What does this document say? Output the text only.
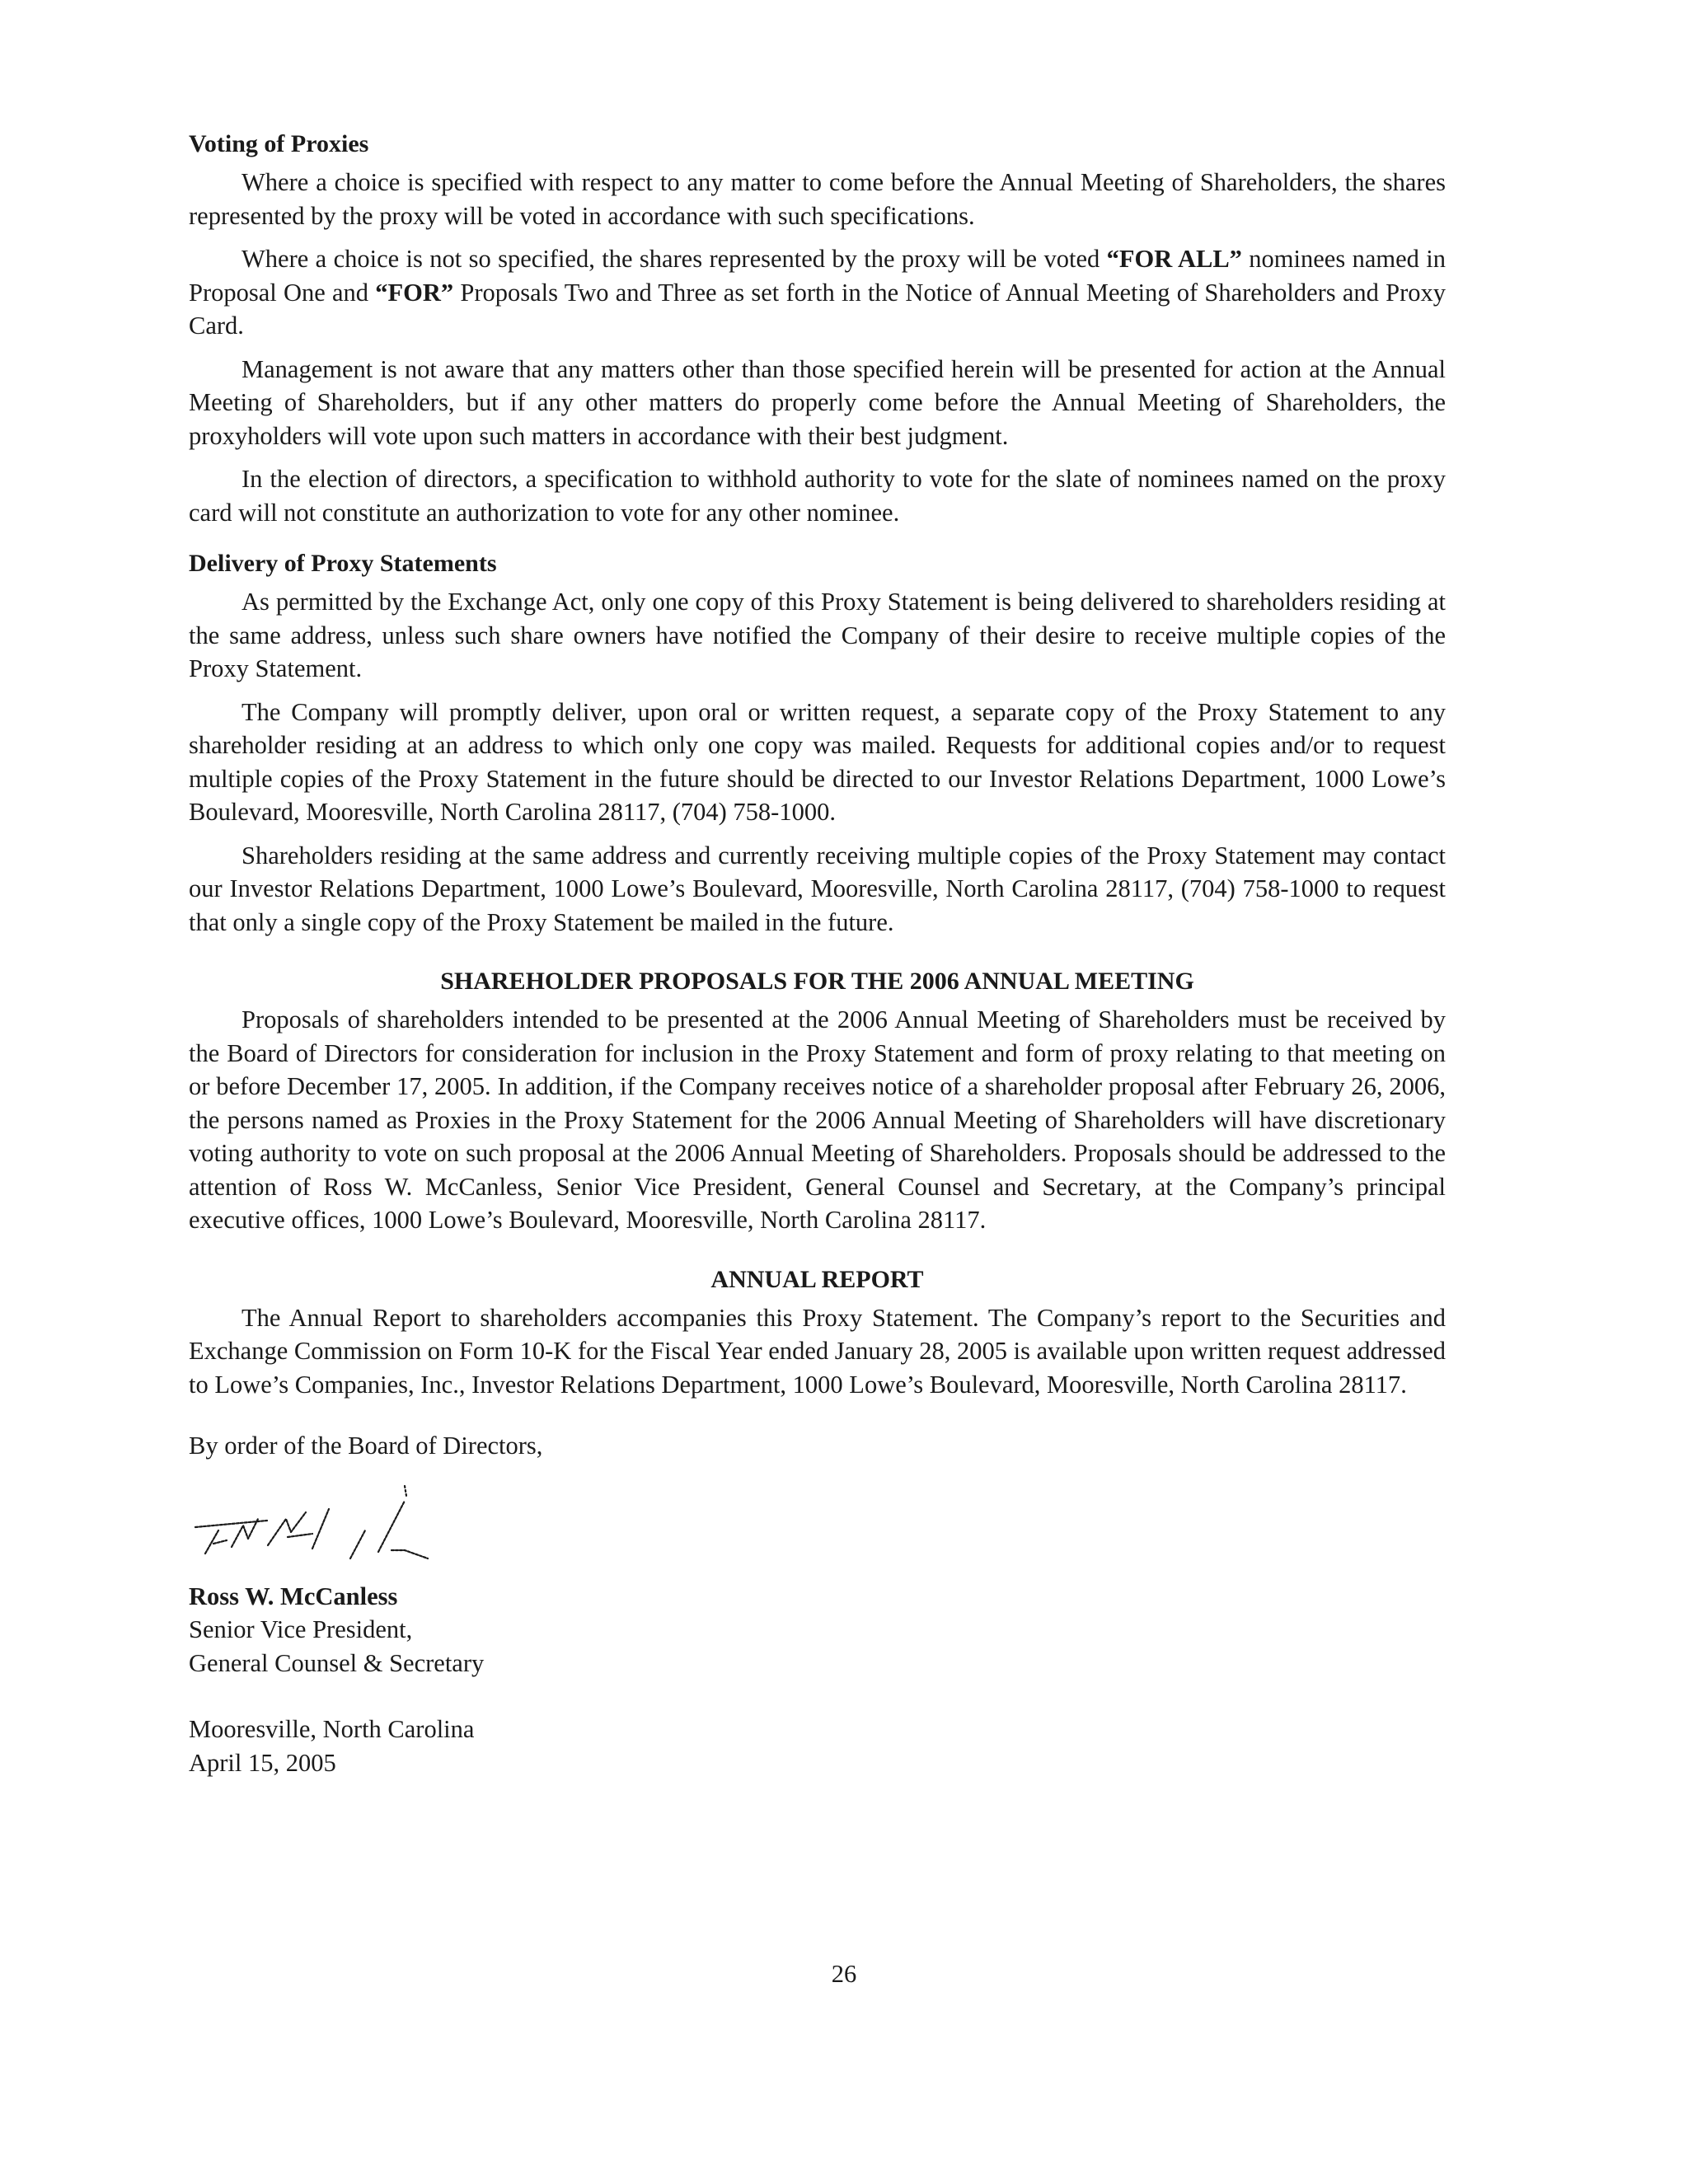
Voting of Proxies

Where a choice is specified with respect to any matter to come before the Annual Meeting of Shareholders, the shares represented by the proxy will be voted in accordance with such specifications.

Where a choice is not so specified, the shares represented by the proxy will be voted “FOR ALL” nominees named in Proposal One and “FOR” Proposals Two and Three as set forth in the Notice of Annual Meeting of Shareholders and Proxy Card.

Management is not aware that any matters other than those specified herein will be presented for action at the Annual Meeting of Shareholders, but if any other matters do properly come before the Annual Meeting of Shareholders, the proxyholders will vote upon such matters in accordance with their best judgment.

In the election of directors, a specification to withhold authority to vote for the slate of nominees named on the proxy card will not constitute an authorization to vote for any other nominee.

Delivery of Proxy Statements

As permitted by the Exchange Act, only one copy of this Proxy Statement is being delivered to shareholders residing at the same address, unless such share owners have notified the Company of their desire to receive multiple copies of the Proxy Statement.

The Company will promptly deliver, upon oral or written request, a separate copy of the Proxy Statement to any shareholder residing at an address to which only one copy was mailed. Requests for additional copies and/or to request multiple copies of the Proxy Statement in the future should be directed to our Investor Relations Department, 1000 Lowe’s Boulevard, Mooresville, North Carolina 28117, (704) 758-1000.

Shareholders residing at the same address and currently receiving multiple copies of the Proxy Statement may contact our Investor Relations Department, 1000 Lowe’s Boulevard, Mooresville, North Carolina 28117, (704) 758-1000 to request that only a single copy of the Proxy Statement be mailed in the future.

SHAREHOLDER PROPOSALS FOR THE 2006 ANNUAL MEETING

Proposals of shareholders intended to be presented at the 2006 Annual Meeting of Shareholders must be received by the Board of Directors for consideration for inclusion in the Proxy Statement and form of proxy relating to that meeting on or before December 17, 2005. In addition, if the Company receives notice of a shareholder proposal after February 26, 2006, the persons named as Proxies in the Proxy Statement for the 2006 Annual Meeting of Shareholders will have discretionary voting authority to vote on such proposal at the 2006 Annual Meeting of Shareholders. Proposals should be addressed to the attention of Ross W. McCanless, Senior Vice President, General Counsel and Secretary, at the Company’s principal executive offices, 1000 Lowe’s Boulevard, Mooresville, North Carolina 28117.

ANNUAL REPORT

The Annual Report to shareholders accompanies this Proxy Statement. The Company’s report to the Securities and Exchange Commission on Form 10-K for the Fiscal Year ended January 28, 2005 is available upon written request addressed to Lowe’s Companies, Inc., Investor Relations Department, 1000 Lowe’s Boulevard, Mooresville, North Carolina 28117.

By order of the Board of Directors,

Ross W. McCanless

Senior Vice President,

General Counsel & Secretary

Mooresville, North Carolina

April 15, 2005

26
